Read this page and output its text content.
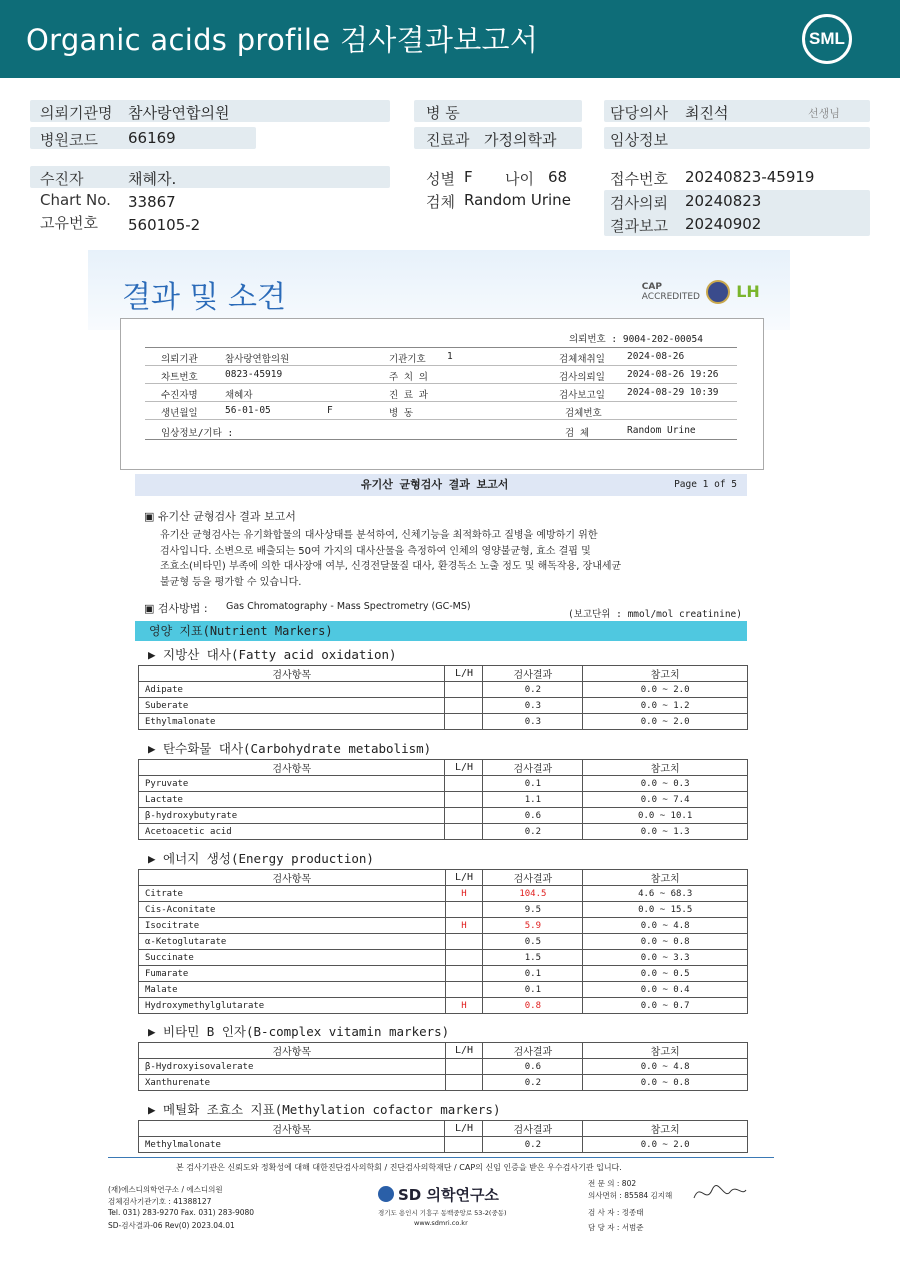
Organic acids profile 검사결과보고서	SML
의뢰기관명 참사랑연합의원
병원코드 66169
병 동
진료과 가정의학과
담당의사 최진석	선생님
임상정보
수진자	채혜자.
Chart No. 33867
고유번호 560105-2
성별 F 나이 68
검체 Random Urine
접수번호 20240823-45919
검사의뢰 20240823
결과보고 20240902
결과 및 소견	CAP
ACCREDITED LH
의뢰번호 : 9004-202-00054
의뢰기관	참사랑연합의원	기관기호 1	검체채취일 2024-08-26
차트번호	0823-45919	주 치 의	검사의뢰일 2024-08-26 19:26
수진자명	채혜자	진 료 과	검사보고일 2024-08-29 10:39
생년월일	56-01-05	F	병 동	검체번호
임상정보/기타 :	검 체	Random Urine
유기산 균형검사 결과 보고서	Page 1 of 5
▣ 유기산 균형검사 결과 보고서
유기산 균형검사는 유기화합물의 대사상태를 분석하여, 신체기능을 최적화하고 질병을 예방하기 위한
검사입니다. 소변으로 배출되는 50여 가지의 대사산물을 측정하여 인체의 영양불균형, 효소 결핍 및
조효소(비타민) 부족에 의한 대사장애 여부, 신경전달물질 대사, 환경독소 노출 정도 및 해독작용, 장내세균
불균형 등을 평가할 수 있습니다.
▣ 검사방법 : Gas Chromatography - Mass Spectrometry (GC-MS)
(보고단위 : mmol/mol creatinine)
영양 지표(Nutrient Markers)
▶ 지방산 대사(Fatty acid oxidation)
검사항목	L/H	검사결과	참고치
Adipate		0.2	0.0 ~ 2.0
Suberate		0.3	0.0 ~ 1.2
Ethylmalonate		0.3	0.0 ~ 2.0
▶ 탄수화물 대사(Carbohydrate metabolism)
검사항목	L/H	검사결과	참고치
Pyruvate		0.1	0.0 ~ 0.3
Lactate		1.1	0.0 ~ 7.4
β-hydroxybutyrate		0.6	0.0 ~ 10.1
Acetoacetic acid		0.2	0.0 ~ 1.3
▶ 에너지 생성(Energy production)
검사항목	L/H	검사결과	참고치
Citrate	H	104.5	4.6 ~ 68.3
Cis-Aconitate		9.5	0.0 ~ 15.5
Isocitrate	H	5.9	0.0 ~ 4.8
α-Ketoglutarate		0.5	0.0 ~ 0.8
Succinate		1.5	0.0 ~ 3.3
Fumarate		0.1	0.0 ~ 0.5
Malate		0.1	0.0 ~ 0.4
Hydroxymethylglutarate	H	0.8	0.0 ~ 0.7
▶ 비타민 B 인자(B-complex vitamin markers)
검사항목	L/H	검사결과	참고치
β-Hydroxyisovalerate		0.6	0.0 ~ 4.8
Xanthurenate		0.2	0.0 ~ 0.8
▶ 메틸화 조효소 지표(Methylation cofactor markers)
검사항목	L/H	검사결과	참고치
Methylmalonate		0.2	0.0 ~ 2.0
본 검사기관은 신뢰도와 정확성에 대해 대한진단검사의학회 / 진단검사의학재단 / CAP의 신임 인증을 받은 우수검사기관 입니다.
(재)에스디의학연구소 / 에스디의원
검체검사기관기호 : 41388127
Tel. 031) 283-9270 Fax. 031) 283-9080
SD-검사결과-06 Rev(0) 2023.04.01
SD 의학연구소
경기도 용인시 기흥구 동백중앙로 53-2(중동)
www.sdmri.co.kr
전 문 의 : 802
의사면허 : 85584 김지해
검 사 자 : 정종태
담 당 자 : 서범준
